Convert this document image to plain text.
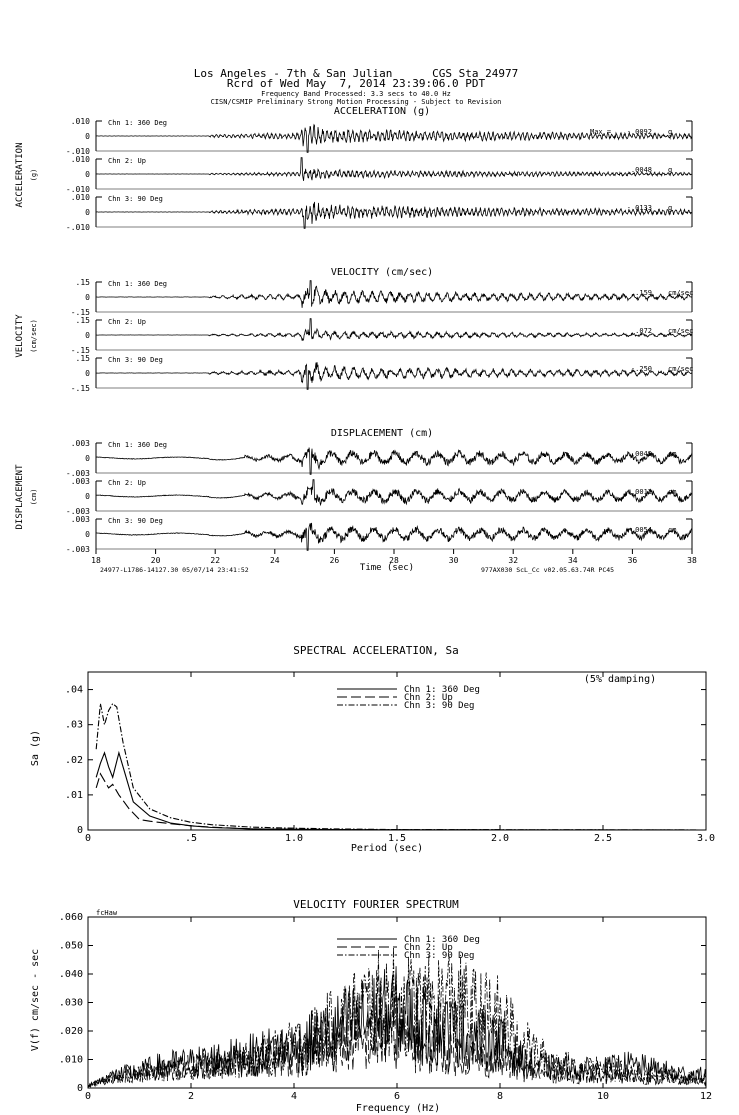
Los Angeles - 7th & San Julian      CGS Sta 24977
Rcrd of Wed May  7, 2014 23:39:06.0 PDT
Frequency Band Processed: 3.3 secs to 40.0 Hz
CISN/CSMIP Preliminary Strong Motion Processing - Subject to Revision
Time (sec)
24977-L1786-14127.30 05/07/14 23:41:52	977AX030 ScL_Cc v02.05.63.74R PC45
ACCELERATION (g)
ACCELERATION (g)
.010
0
-.010
Chn 1: 360 Deg
Max = -.0092 g
.010
0
-.010
Chn 2: Up
.0048 g
.010
0
-.010
Chn 3: 90 Deg
-.0133 g
VELOCITY (cm/sec)
VELOCITY (cm/sec)
.15
0
-.15
Chn 1: 360 Deg
.159 cm/sec
.15
0
-.15
Chn 2: Up
.072 cm/sec
.15
0
-.15
Chn 3: 90 Deg
-.250 cm/sec
DISPLACEMENT (cm)
DISPLACEMENT (cm)
.003
0
-.003
Chn 1: 360 Deg
-.0049 cm
.003
0
-.003
Chn 2: Up
.0012 cm
.003
0
-.003
Chn 3: 90 Deg
-.0054 cm
18	20	22	24	26	28	30	32	34	36	38
SPECTRAL ACCELERATION, Sa
(5% damping)
Sa (g)
Period (sec)
0	.5	1.0	1.5	2.0	2.5	3.0
0
.01
.02
.03
.04	Chn 1: 360 Deg
Chn 2: Up
Chn 3: 90 Deg
VELOCITY FOURIER SPECTRUM
fcHaw
V(f) cm/sec - sec
Frequency (Hz)
0	2	4	6	8	10	12
0
.010
.020
.030
.040
.050
.060
Chn 1: 360 Deg
Chn 2: Up
Chn 3: 90 Deg
